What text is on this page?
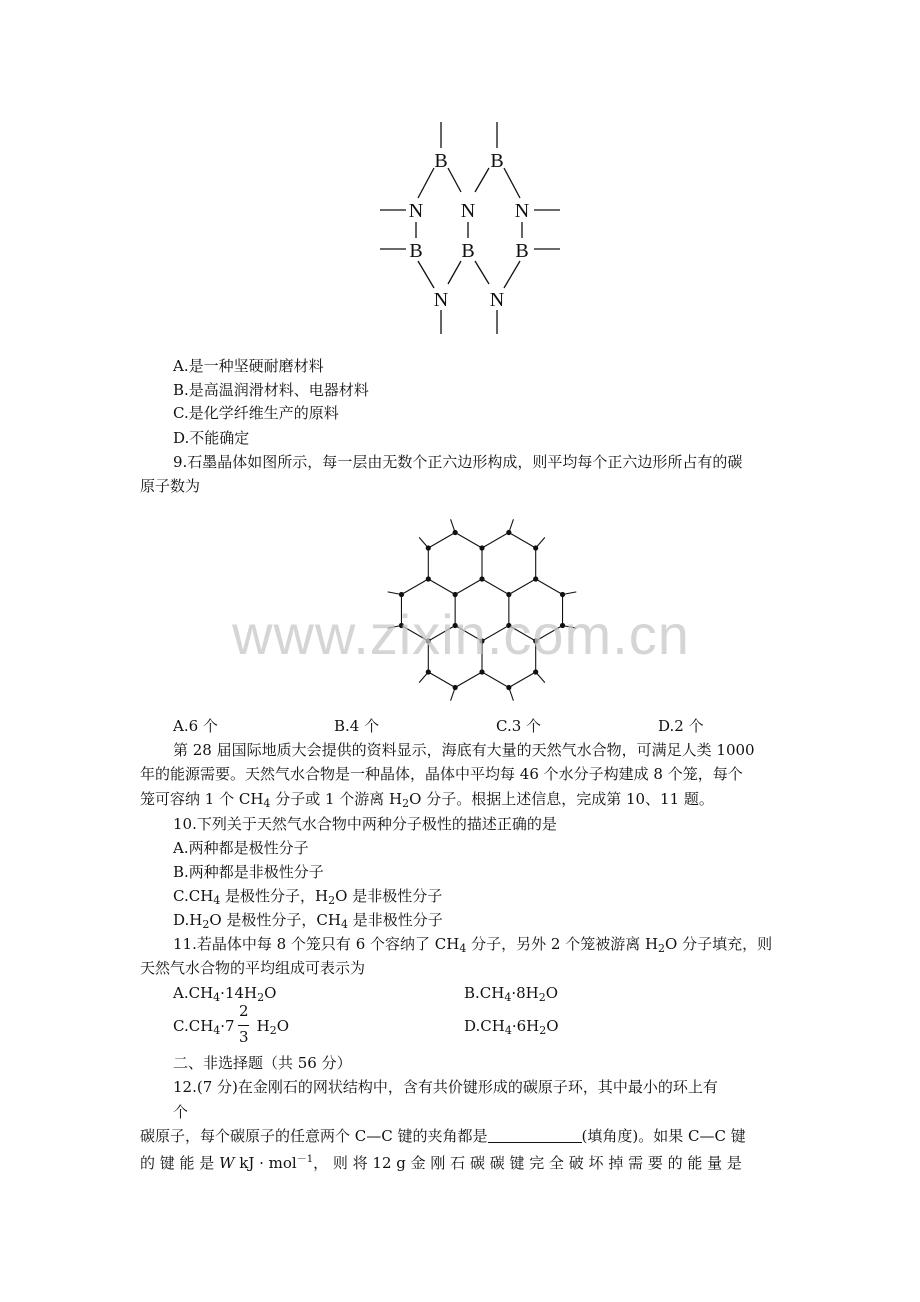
B B
N N N
B B B
N N
A.是一种坚硬耐磨材料
B.是高温润滑材料、电器材料
C.是化学纤维生产的原料
D.不能确定
9.石墨晶体如图所示，每一层由无数个正六边形构成，则平均每个正六边形所占有的碳
原子数为
www.zixin.com.cn
A.6 个	B.4 个	C.3 个	D.2 个
第 28 届国际地质大会提供的资料显示，海底有大量的天然气水合物，可满足人类 1000
年的能源需要。天然气水合物是一种晶体，晶体中平均每 46 个水分子构建成 8 个笼，每个
笼可容纳 1 个 $CH_4$ 分子或 1 个游离 $H_2O$ 分子。根据上述信息，完成第 10、11 题。
10.下列关于天然气水合物中两种分子极性的描述正确的是
A.两种都是极性分子
B.两种都是非极性分子
$C.CH_4$ 是极性分子，$H_2O$ 是非极性分子
$D.H_2O$ 是极性分子，$CH_4$ 是非极性分子
11.若晶体中每 8 个笼只有 6 个容纳了 $CH_4$ 分子，另外 2 个笼被游离 $H_2O$ 分子填充，则
天然气水合物的平均组成可表示为
$A.CH_4\cdot 14H_2O$	$B.CH_4\cdot 8H_2O$
$C.CH_4\cdot 7$ $H_2O$
2
3
$D.CH_4\cdot 6H_2O$
二、非选择题（共 56 分）
12.(7 分)在金刚石的网状结构中，含有共价键形成的碳原子环，其中最小的环上有
个
碳原子，每个碳原子的任意两个 C—C 键的夹角都是	(填角度)。如果 C—C 键
的 键 能 是 W kJ · mol$^{-1}$， 则 将 12 g 金 刚 石 碳 碳 键 完 全 破 坏 掉 需 要 的 能 量 是
